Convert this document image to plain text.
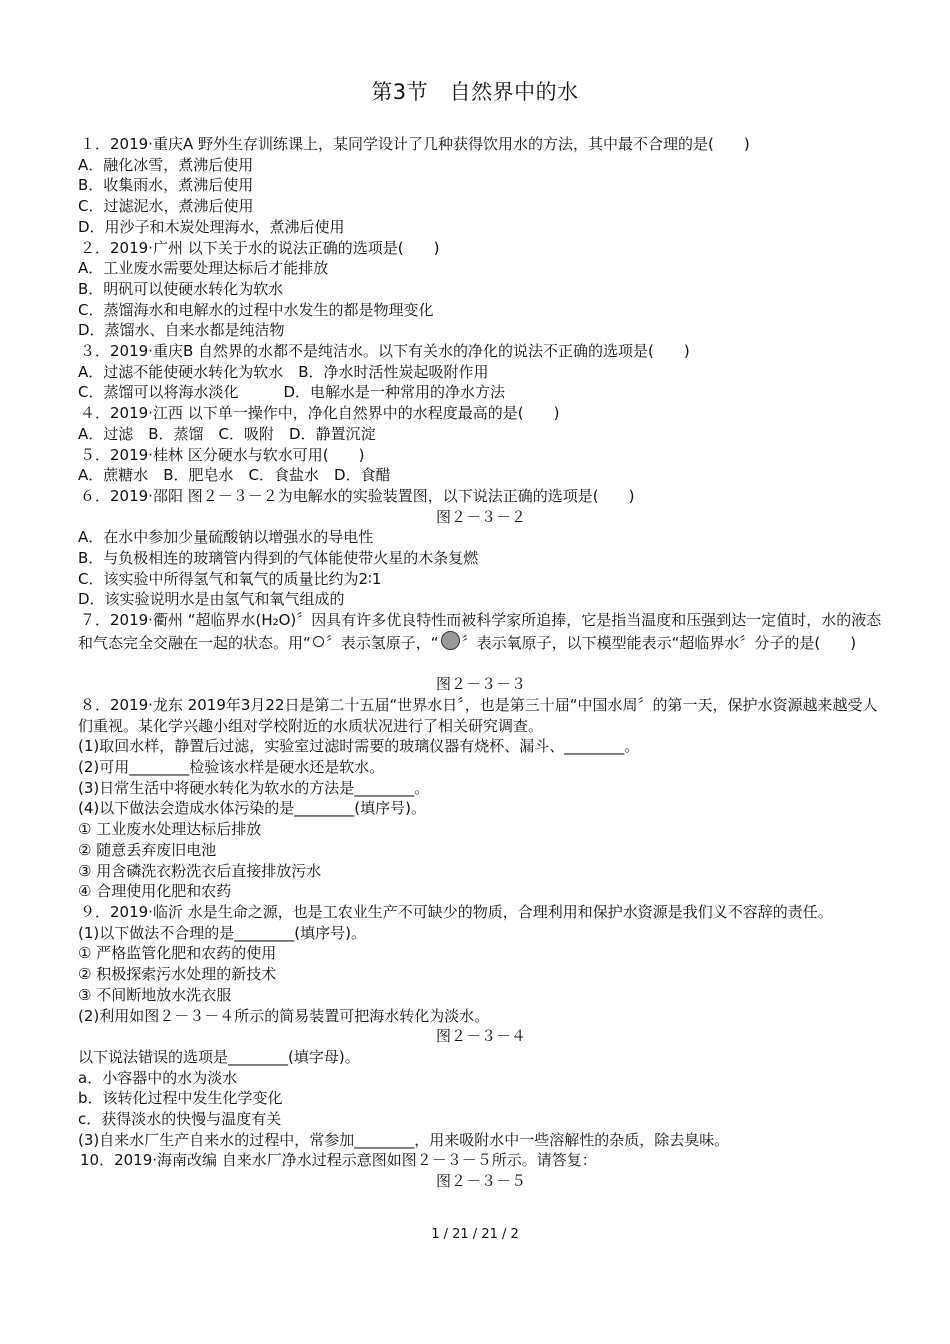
第3节　自然界中的水
１．2019·重庆A 野外生存训练课上，某同学设计了几种获得饮用水的方法，其中最不合理的是(　　)
A．融化冰雪，煮沸后使用
B．收集雨水，煮沸后使用
C．过滤泥水，煮沸后使用
D．用沙子和木炭处理海水，煮沸后使用
２．2019·广州 以下关于水的说法正确的选项是(　　)
A．工业废水需要处理达标后才能排放
B．明矾可以使硬水转化为软水
C．蒸馏海水和电解水的过程中水发生的都是物理变化
D．蒸馏水、自来水都是纯洁物
３．2019·重庆B 自然界的水都不是纯洁水。以下有关水的净化的说法不正确的选项是(　　)
A．过滤不能使硬水转化为软水　B．净水时活性炭起吸附作用
C．蒸馏可以将海水淡化　　　D．电解水是一种常用的净水方法
４．2019·江西 以下单一操作中，净化自然界中的水程度最高的是(　　)
A．过滤　B．蒸馏　C．吸附　D．静置沉淀
５．2019·桂林 区分硬水与软水可用(　　)
A．蔗糖水　B．肥皂水　C．食盐水　D．食醋
６．2019·邵阳 图２－３－２为电解水的实验装置图，以下说法正确的选项是(　　)
图２－３－２
A．在水中参加少量硫酸钠以增强水的导电性
B．与负极相连的玻璃管内得到的气体能使带火星的木条复燃
C．该实验中所得氢气和氧气的质量比约为2∶1
D．该实验说明水是由氢气和氧气组成的
７．2019·衢州 “超临界水(H₂O)〞因具有许多优良特性而被科学家所追捧，它是指当温度和压强到达一定值时，水的液态和气态完全交融在一起的状态。用“ 〞表示氢原子，“ 〞表示氧原子，以下模型能表示“超临界水〞分子的是(　　)
图２－３－３
８．2019·龙东 2019年3月22日是第二十五届“世界水日〞，也是第三十届“中国水周〞的第一天，保护水资源越来越受人们重视。某化学兴趣小组对学校附近的水质状况进行了相关研究调查。
(1)取回水样，静置后过滤，实验室过滤时需要的玻璃仪器有烧杯、漏斗、________。
(2)可用________检验该水样是硬水还是软水。
(3)日常生活中将硬水转化为软水的方法是________。
(4)以下做法会造成水体污染的是________(填序号)。
① 工业废水处理达标后排放
② 随意丢弃废旧电池
③ 用含磷洗衣粉洗衣后直接排放污水
④ 合理使用化肥和农药
９．2019·临沂 水是生命之源，也是工农业生产不可缺少的物质，合理利用和保护水资源是我们义不容辞的责任。
(1)以下做法不合理的是________(填序号)。
① 严格监管化肥和农药的使用
② 积极探索污水处理的新技术
③ 不间断地放水洗衣服
(2)利用如图２－３－４所示的简易装置可把海水转化为淡水。
图２－３－４
以下说法错误的选项是________(填字母)。
a．小容器中的水为淡水
b．该转化过程中发生化学变化
c．获得淡水的快慢与温度有关
(3)自来水厂生产自来水的过程中，常参加________，用来吸附水中一些溶解性的杂质，除去臭味。
10．2019·海南改编 自来水厂净水过程示意图如图２－３－５所示。请答复：
图２－３－５
1 / 21 / 21 / 2
